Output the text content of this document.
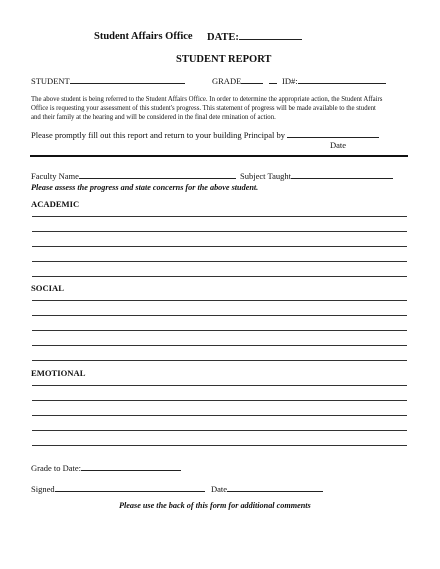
Student Affairs Office DATE:
STUDENT REPORT
STUDENT	GRADE	ID#:
The above student is being referred to the Student Affairs Office. In order to determine the appropriate action, the Student Affairs
Office is requesting your assessment of this student's progress. This statement of progress will be made available to the student
and their family at the hearing and will be considered in the final dete rmination of action.
Please promptly fill out this report and return to your building Principal by
Date
Faculty Name	Subject Taught
Please assess the progress and state concerns for the above student.
ACADEMIC
SOCIAL
EMOTIONAL
Grade to Date:
Signed	Date
Please use the back of this form for additional comments
